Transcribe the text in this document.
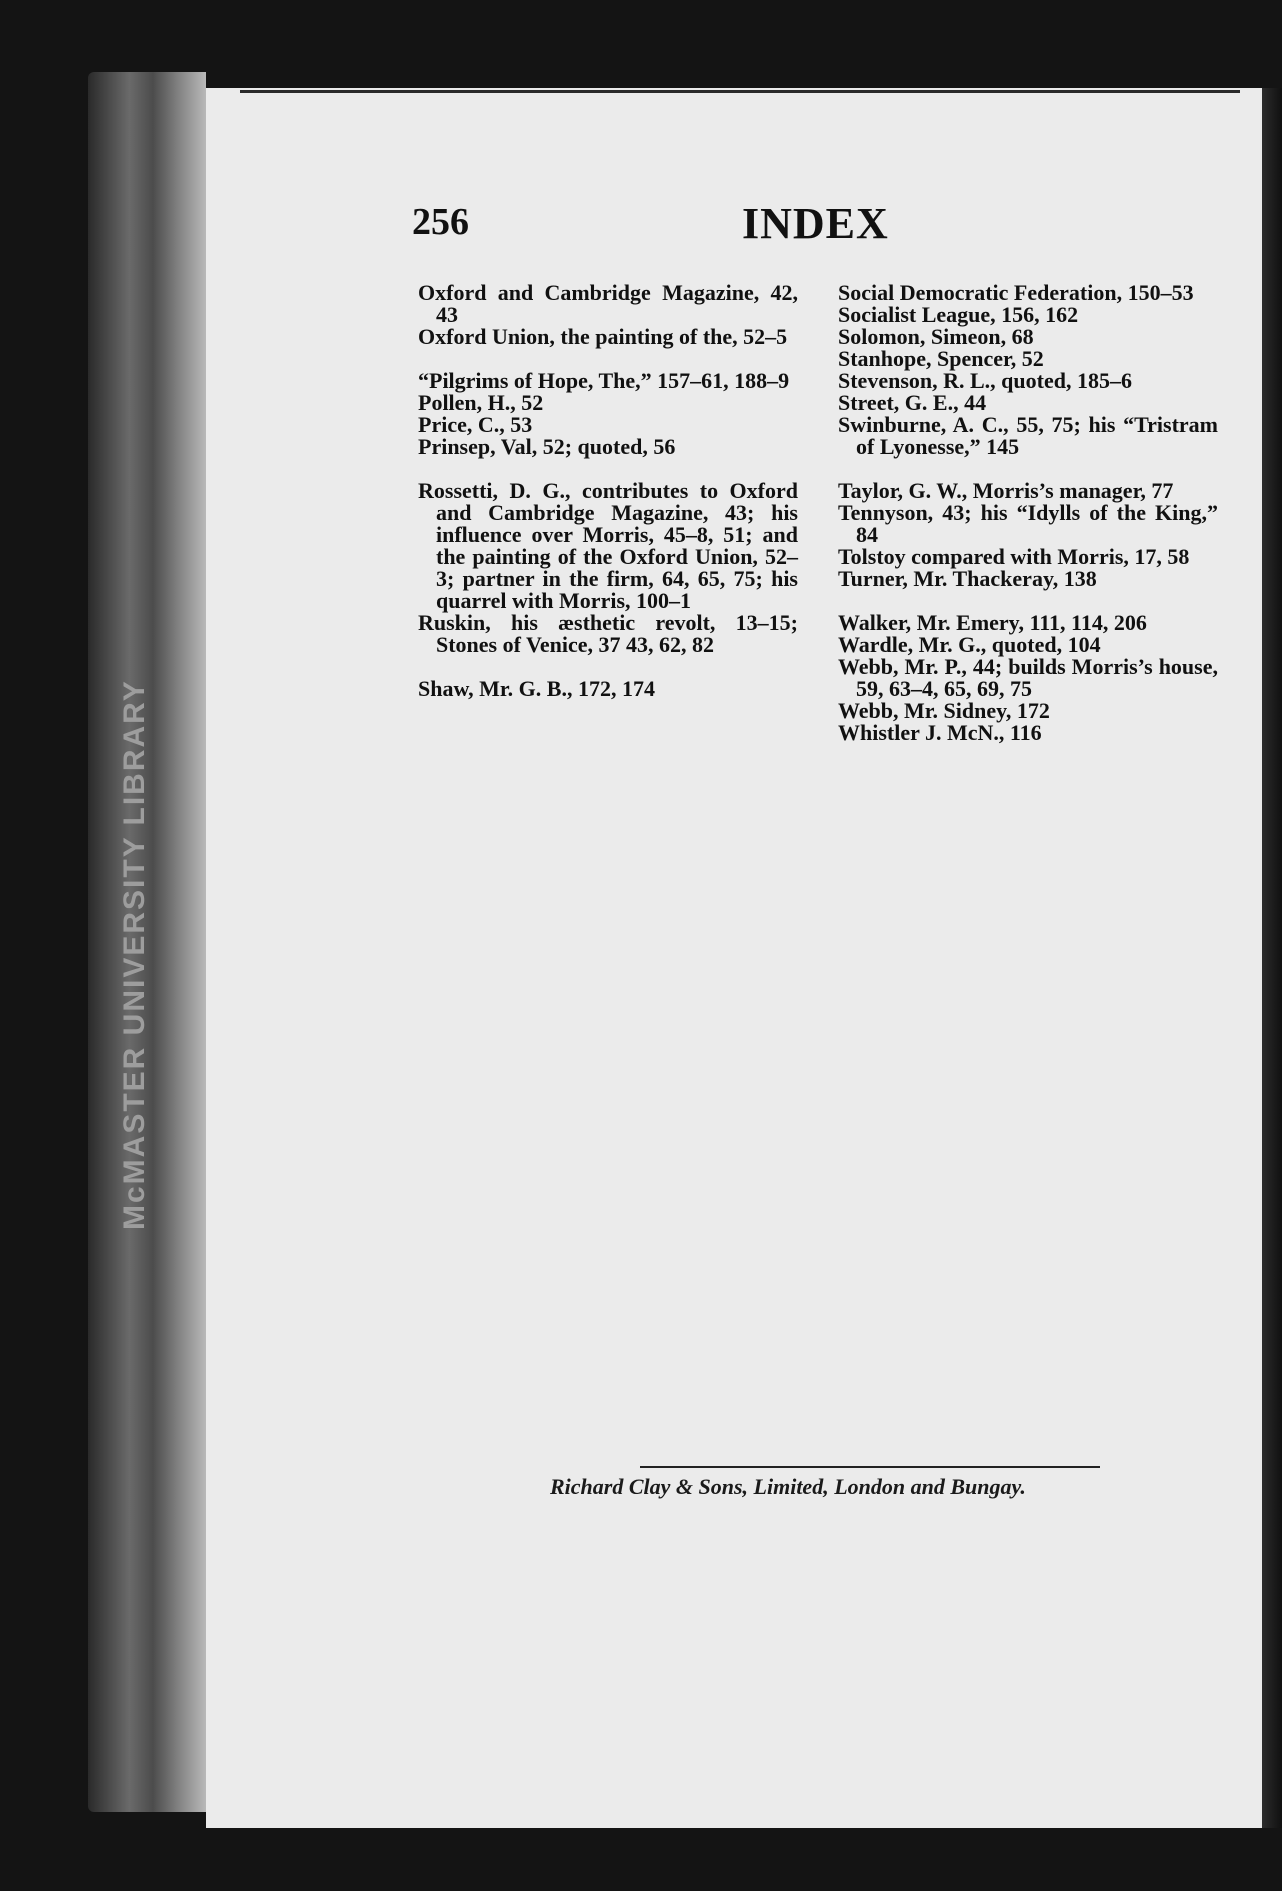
McMASTER UNIVERSITY LIBRARY
256	INDEX

Oxford and Cambridge Magazine, 42, 43

Oxford Union, the painting of the, 52–5

“Pilgrims of Hope, The,” 157–61, 188–9

Pollen, H., 52

Price, C., 53

Prinsep, Val, 52; quoted, 56

Rossetti, D. G., contributes to Oxford and Cambridge Magazine, 43; his influence over Morris, 45–8, 51; and the painting of the Oxford Union, 52–3; partner in the firm, 64, 65, 75; his quarrel with Morris, 100–1

Ruskin, his æsthetic revolt, 13–15; Stones of Venice, 37 43, 62, 82

Shaw, Mr. G. B., 172, 174

Social Democratic Federation, 150–53

Socialist League, 156, 162

Solomon, Simeon, 68

Stanhope, Spencer, 52

Stevenson, R. L., quoted, 185–6

Street, G. E., 44

Swinburne, A. C., 55, 75; his “Tristram of Lyonesse,” 145

Taylor, G. W., Morris’s manager, 77

Tennyson, 43; his “Idylls of the King,” 84

Tolstoy compared with Morris, 17, 58

Turner, Mr. Thackeray, 138

Walker, Mr. Emery, 111, 114, 206

Wardle, Mr. G., quoted, 104

Webb, Mr. P., 44; builds Morris’s house, 59, 63–4, 65, 69, 75

Webb, Mr. Sidney, 172

Whistler J. McN., 116

Richard Clay & Sons, Limited, London and Bungay.
